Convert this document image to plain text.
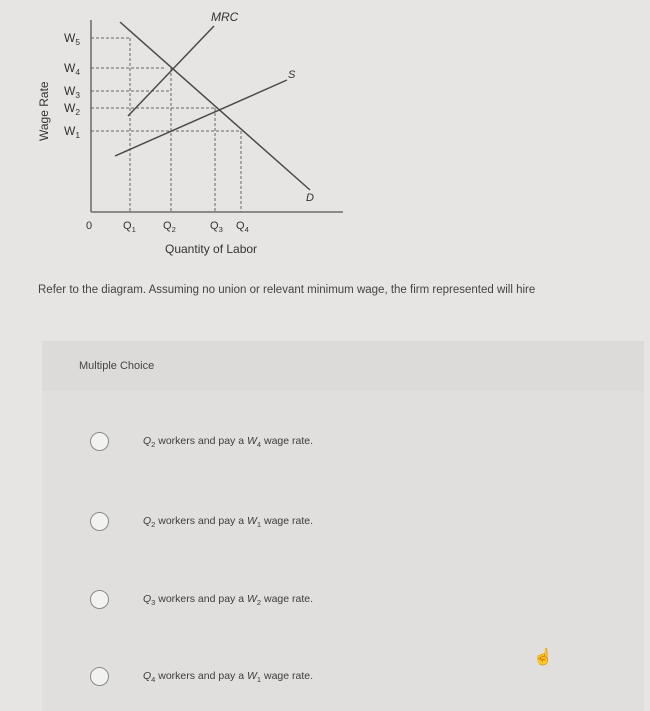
MRC
S
D
Wage Rate
$W_5$
$W_4$
$W_3$
$W_2$
$W_1$
0	$Q_1$ $Q_2$	$Q_3$ $Q_4$
Quantity of Labor
Refer to the diagram. Assuming no union or relevant minimum wage, the firm represented will hire
Multiple Choice
$Q_2$ workers and pay a $W_4$ wage rate.
$Q_2$ workers and pay a $W_1$ wage rate.
$Q_3$ workers and pay a $W_2$ wage rate.
$Q_4$ workers and pay a $W_1$ wage rate.
☝
